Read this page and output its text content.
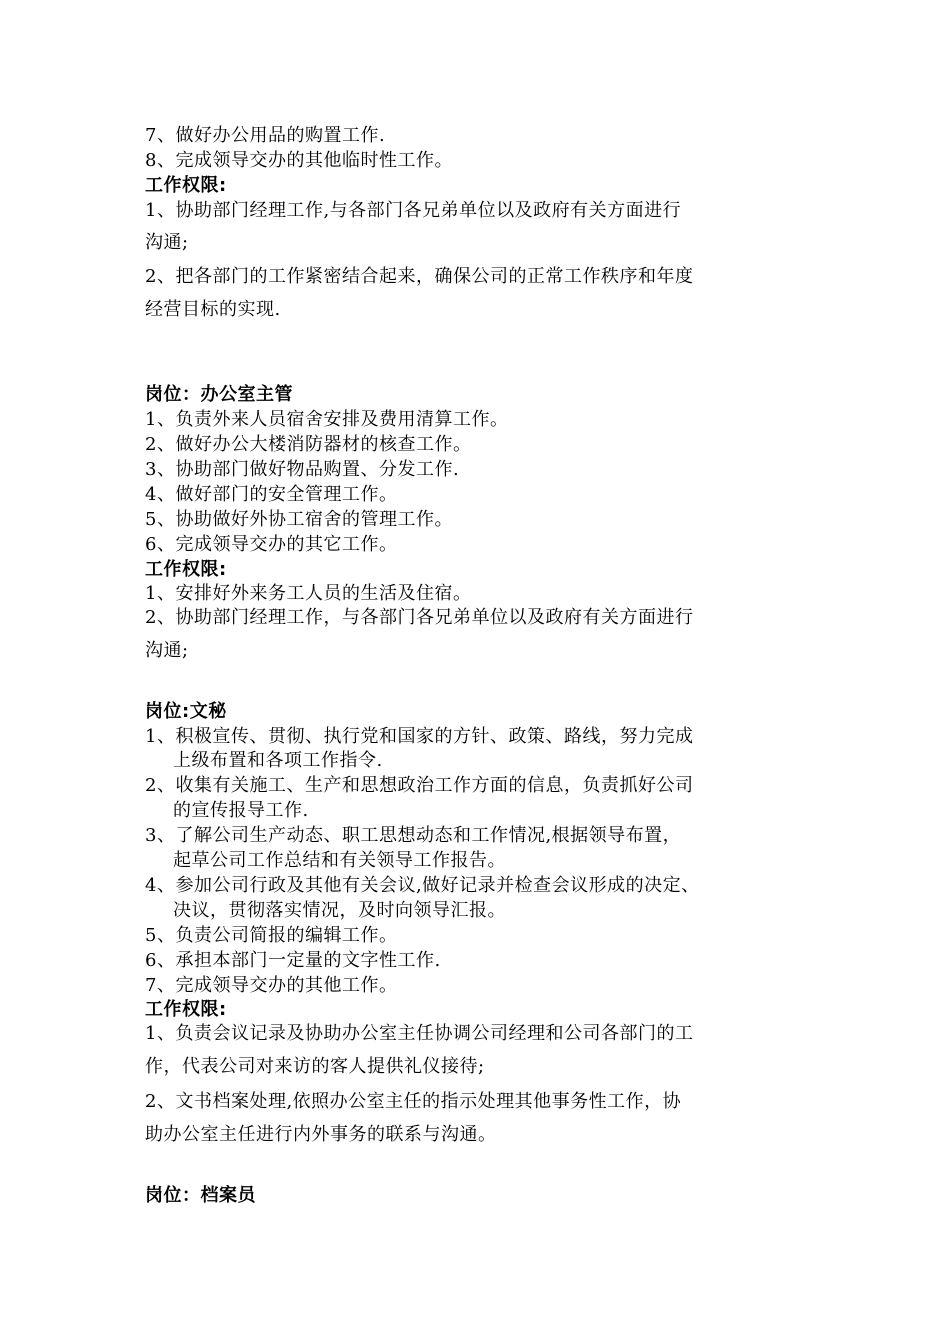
7、做好办公用品的购置工作.
8、完成领导交办的其他临时性工作。
工作权限:
1、协助部门经理工作,与各部门各兄弟单位以及政府有关方面进行
沟通;
2、把各部门的工作紧密结合起来，确保公司的正常工作秩序和年度
经营目标的实现.
岗位：办公室主管
1、负责外来人员宿舍安排及费用清算工作。
2、做好办公大楼消防器材的核查工作。
3、协助部门做好物品购置、分发工作.
4、做好部门的安全管理工作。
5、协助做好外协工宿舍的管理工作。
6、完成领导交办的其它工作。
工作权限:
1、安排好外来务工人员的生活及住宿。
2、协助部门经理工作，与各部门各兄弟单位以及政府有关方面进行
沟通;
岗位:文秘
1、积极宣传、贯彻、执行党和国家的方针、政策、路线，努力完成
上级布置和各项工作指令.
2、收集有关施工、生产和思想政治工作方面的信息，负责抓好公司
的宣传报导工作.
3、了解公司生产动态、职工思想动态和工作情况,根据领导布置，
起草公司工作总结和有关领导工作报告。
4、参加公司行政及其他有关会议,做好记录并检查会议形成的决定、
决议，贯彻落实情况，及时向领导汇报。
5、负责公司简报的编辑工作。
6、承担本部门一定量的文字性工作.
7、完成领导交办的其他工作。
工作权限:
1、负责会议记录及协助办公室主任协调公司经理和公司各部门的工
作，代表公司对来访的客人提供礼仪接待;
2、文书档案处理,依照办公室主任的指示处理其他事务性工作，协
助办公室主任进行内外事务的联系与沟通。
岗位：档案员
